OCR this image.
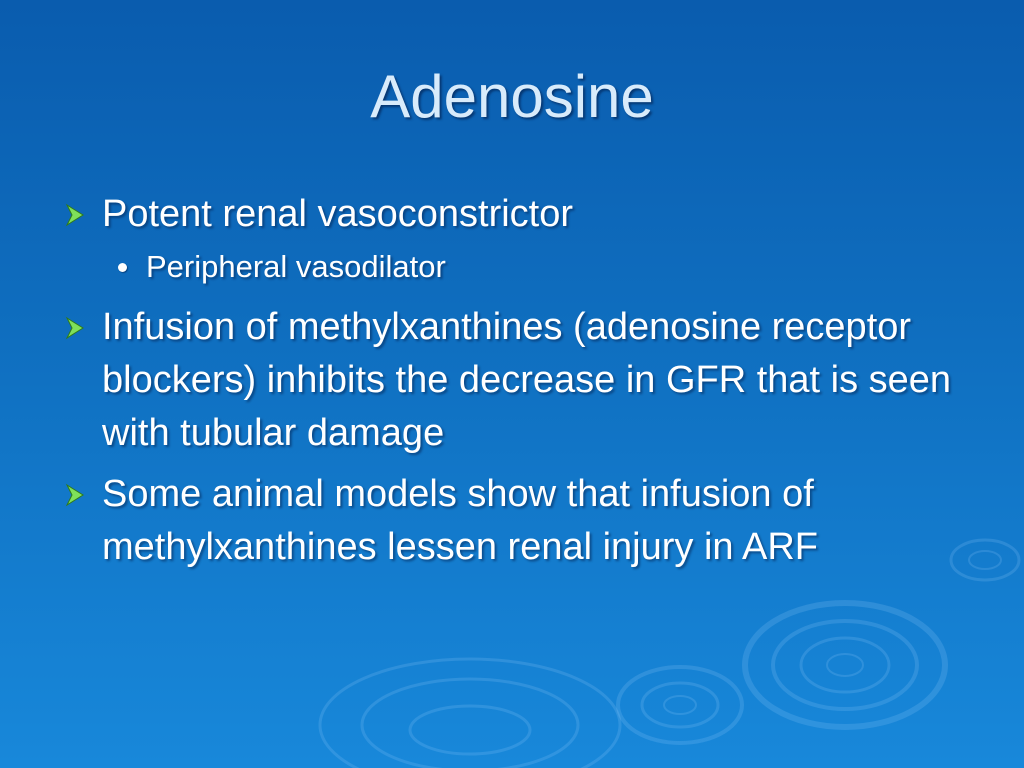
Adenosine
Potent renal vasoconstrictor
Peripheral vasodilator
Infusion of methylxanthines (adenosine receptor blockers) inhibits the decrease in GFR that is seen with tubular damage
Some animal models show that infusion of methylxanthines lessen renal injury in ARF
